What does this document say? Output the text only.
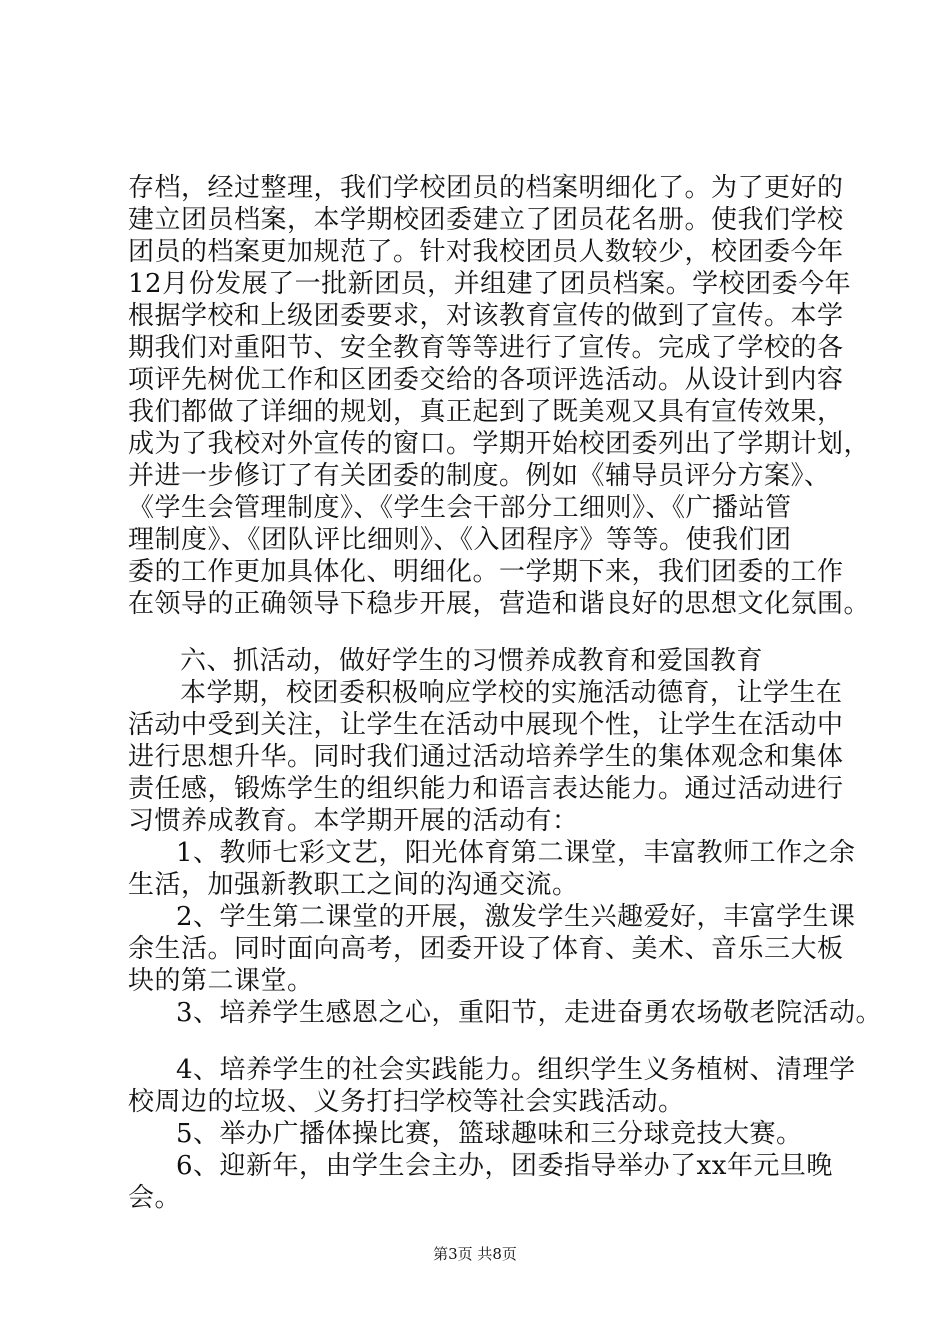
存档，经过整理，我们学校团员的档案明细化了。为了更好的
建立团员档案，本学期校团委建立了团员花名册。使我们学校
团员的档案更加规范了。针对我校团员人数较少，校团委今年
12月份发展了一批新团员，并组建了团员档案。学校团委今年
根据学校和上级团委要求，对该教育宣传的做到了宣传。本学
期我们对重阳节、安全教育等等进行了宣传。完成了学校的各
项评先树优工作和区团委交给的各项评选活动。从设计到内容
我们都做了详细的规划，真正起到了既美观又具有宣传效果，
成为了我校对外宣传的窗口。学期开始校团委列出了学期计划，
并进一步修订了有关团委的制度。例如《辅导员评分方案》、
《学生会管理制度》、《学生会干部分工细则》、《广播站管
理制度》、《团队评比细则》、《入团程序》等等。使我们团
委的工作更加具体化、明细化。一学期下来，我们团委的工作
在领导的正确领导下稳步开展，营造和谐良好的思想文化氛围。
六、抓活动，做好学生的习惯养成教育和爱国教育
本学期，校团委积极响应学校的实施活动德育，让学生在
活动中受到关注，让学生在活动中展现个性，让学生在活动中
进行思想升华。同时我们通过活动培养学生的集体观念和集体
责任感，锻炼学生的组织能力和语言表达能力。通过活动进行
习惯养成教育。本学期开展的活动有：
1、教师七彩文艺，阳光体育第二课堂，丰富教师工作之余
生活，加强新教职工之间的沟通交流。
2、学生第二课堂的开展，激发学生兴趣爱好，丰富学生课
余生活。同时面向高考，团委开设了体育、美术、音乐三大板
块的第二课堂。
3、培养学生感恩之心，重阳节，走进奋勇农场敬老院活动。
4、培养学生的社会实践能力。组织学生义务植树、清理学
校周边的垃圾、义务打扫学校等社会实践活动。
5、举办广播体操比赛，篮球趣味和三分球竞技大赛。
6、迎新年，由学生会主办，团委指导举办了xx年元旦晚
会。
第3页 共8页
